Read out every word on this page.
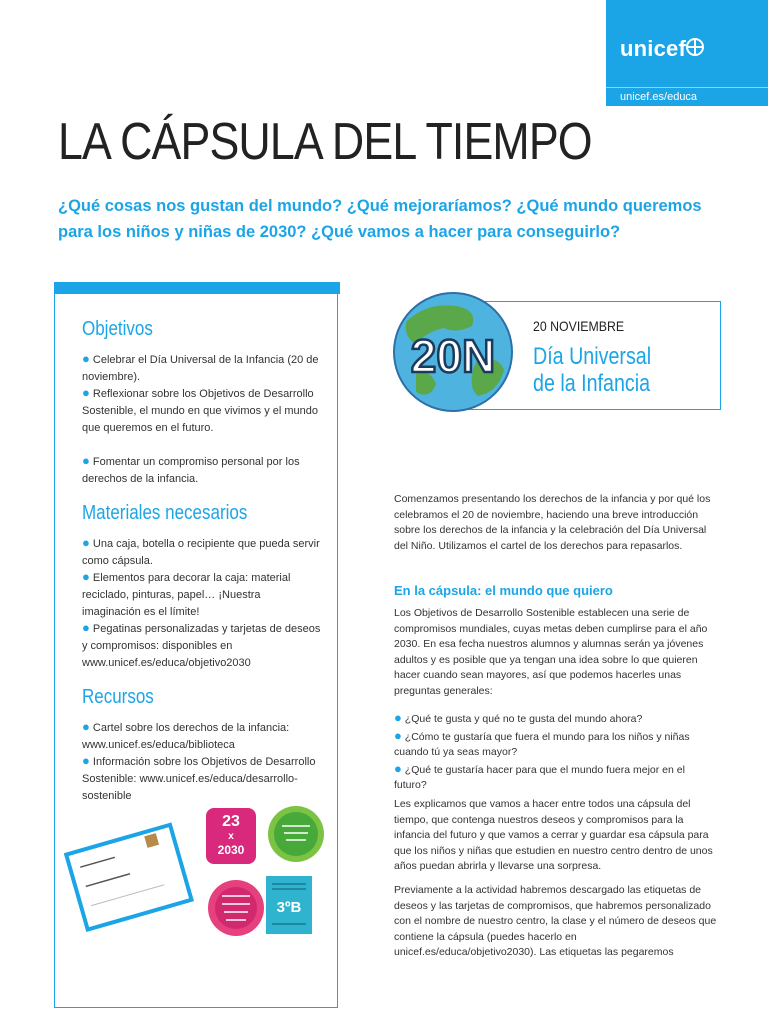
unicef
unicef.es/educa
LA CÁPSULA DEL TIEMPO
¿Qué cosas nos gustan del mundo? ¿Qué mejoraríamos? ¿Qué mundo queremos para los niños y niñas de 2030? ¿Qué vamos a hacer para conseguirlo?
Objetivos
● Celebrar el Día Universal de la Infancia (20 de noviembre).
● Reflexionar sobre los Objetivos de Desarrollo Sostenible, el mundo en que vivimos y el mundo que queremos en el futuro.
● Fomentar un compromiso personal por los derechos de la infancia.
Materiales necesarios
● Una caja, botella o recipiente que pueda servir como cápsula.
● Elementos para decorar la caja: material reciclado, pinturas, papel… ¡Nuestra imaginación es el límite!
● Pegatinas personalizadas y tarjetas de deseos y compromisos: disponibles en www.unicef.es/educa/objetivo2030
Recursos
● Cartel sobre los derechos de la infancia: www.unicef.es/educa/biblioteca
● Información sobre los Objetivos de Desarrollo Sostenible: www.unicef.es/educa/desarrollo-sostenible
23
x
2030
3ºB
20N
20 NOVIEMBRE
Día Universal
de la Infancia
Comenzamos presentando los derechos de la infancia y por qué los celebramos el 20 de noviembre, haciendo una breve introducción sobre los derechos de la infancia y la celebración del Día Universal del Niño. Utilizamos el cartel de los derechos para repasarlos.
En la cápsula: el mundo que quiero
Los Objetivos de Desarrollo Sostenible establecen una serie de compromisos mundiales, cuyas metas deben cumplirse para el año 2030. En esa fecha nuestros alumnos y alumnas serán ya jóvenes adultos y es posible que ya tengan una idea sobre lo que quieren hacer cuando sean mayores, así que podemos hacerles unas preguntas generales:
● ¿Qué te gusta y qué no te gusta del mundo ahora?
● ¿Cómo te gustaría que fuera el mundo para los niños y niñas cuando tú ya seas mayor?
● ¿Qué te gustaría hacer para que el mundo fuera mejor en el futuro?
Les explicamos que vamos a hacer entre todos una cápsula del tiempo, que contenga nuestros deseos y compromisos para la infancia del futuro y que vamos a cerrar y guardar esa cápsula para que los niños y niñas que estudien en nuestro centro dentro de unos años puedan abrirla y llevarse una sorpresa.
Previamente a la actividad habremos descargado las etiquetas de deseos y las tarjetas de compromisos, que habremos personalizado con el nombre de nuestro centro, la clase y el número de deseos que contiene la cápsula (puedes hacerlo en unicef.es/educa/objetivo2030). Las etiquetas las pegaremos
